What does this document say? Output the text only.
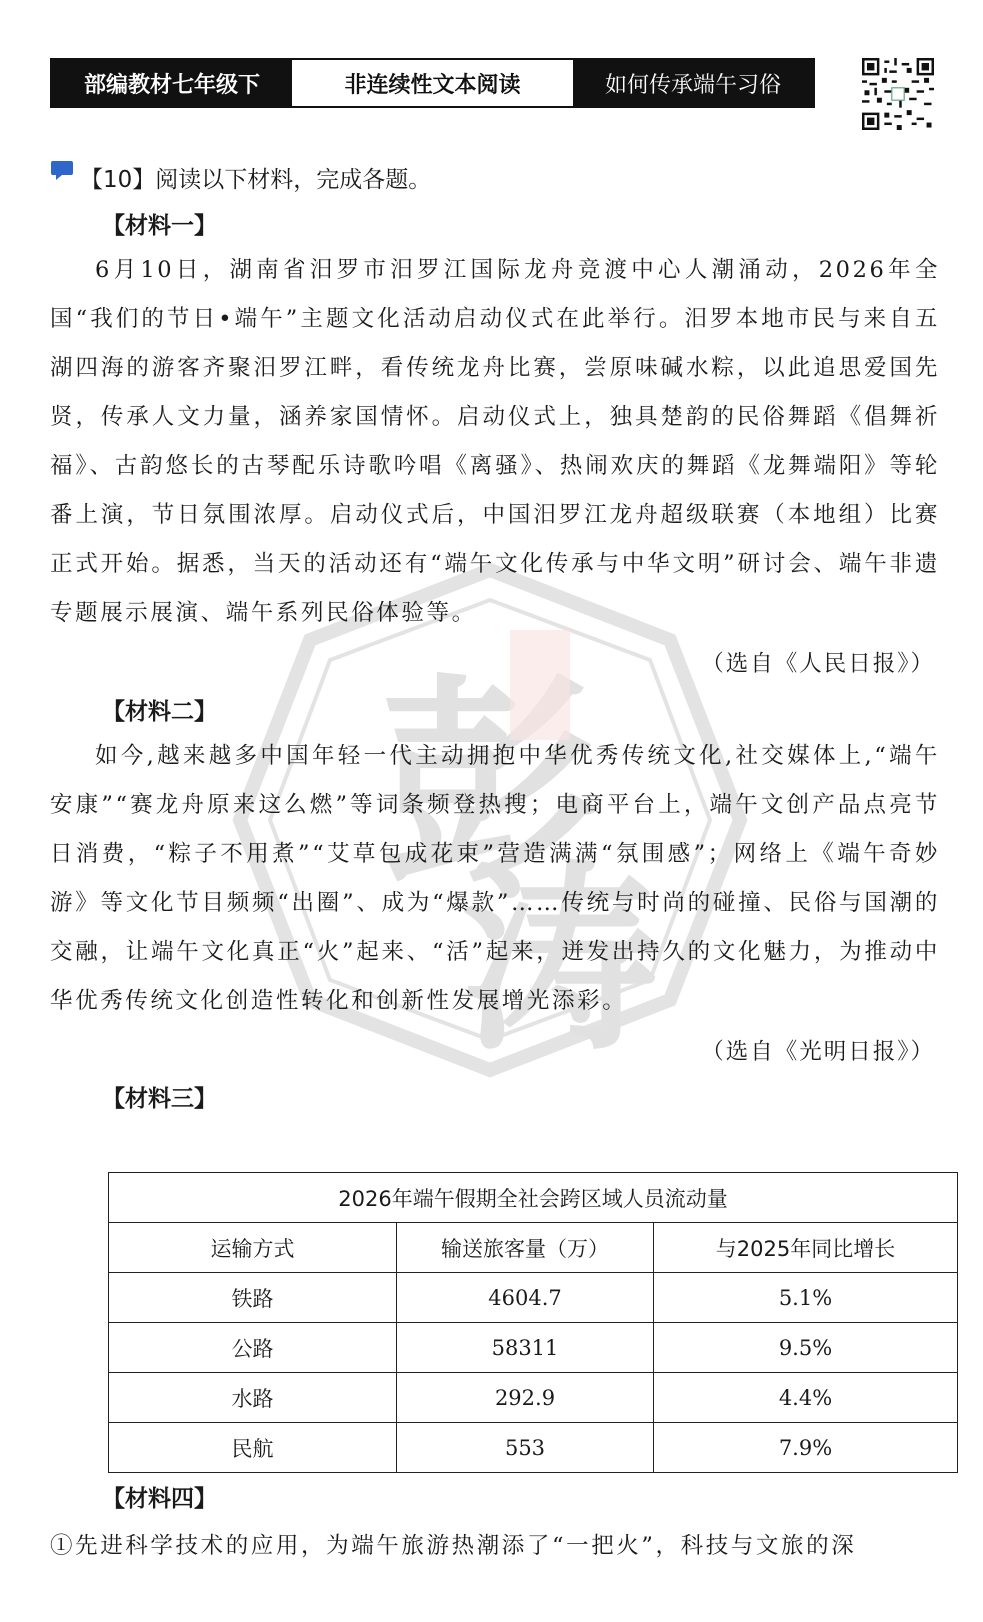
部编教材七年级下	非连续性文本阅读	如何传承端午习俗
彭
涛
【10】 阅读以下材料，完成各题。
【材料一】
6月10日，湖南省汨罗市汨罗江国际龙舟竞渡中心人潮涌动，2026年全国“我们的节日•端午”主题文化活动启动仪式在此举行。汨罗本地市民与来自五湖四海的游客齐聚汨罗江畔，看传统龙舟比赛，尝原味碱水粽，以此追思爱国先贤，传承人文力量，涵养家国情怀。启动仪式上，独具楚韵的民俗舞蹈《倡舞祈福》、古韵悠长的古琴配乐诗歌吟唱《离骚》、热闹欢庆的舞蹈《龙舞端阳》等轮番上演，节日氛围浓厚。启动仪式后，中国汨罗江龙舟超级联赛（本地组）比赛正式开始。据悉，当天的活动还有“端午文化传承与中华文明”研讨会、端午非遗专题展示展演、端午系列民俗体验等。
（选自《人民日报》）
【材料二】
如今,越来越多中国年轻一代主动拥抱中华优秀传统文化,社交媒体上,“端午安康”“赛龙舟原来这么燃”等词条频登热搜；电商平台上，端午文创产品点亮节日消费，“粽子不用煮”“艾草包成花束”营造满满“氛围感”；网络上《端午奇妙游》等文化节目频频“出圈”、成为“爆款”……传统与时尚的碰撞、民俗与国潮的交融，让端午文化真正“火”起来、“活”起来，迸发出持久的文化魅力，为推动中华优秀传统文化创造性转化和创新性发展增光添彩。
（选自《光明日报》）
【材料三】
2026年端午假期全社会跨区域人员流动量		
运输方式	输送旅客量（万）	与2025年同比增长
铁路	4604.7	5.1%
公路	58311	9.5%
水路	292.9	4.4%
民航	553	7.9%
【材料四】
①先进科学技术的应用，为端午旅游热潮添了“一把火”，科技与文旅的深
